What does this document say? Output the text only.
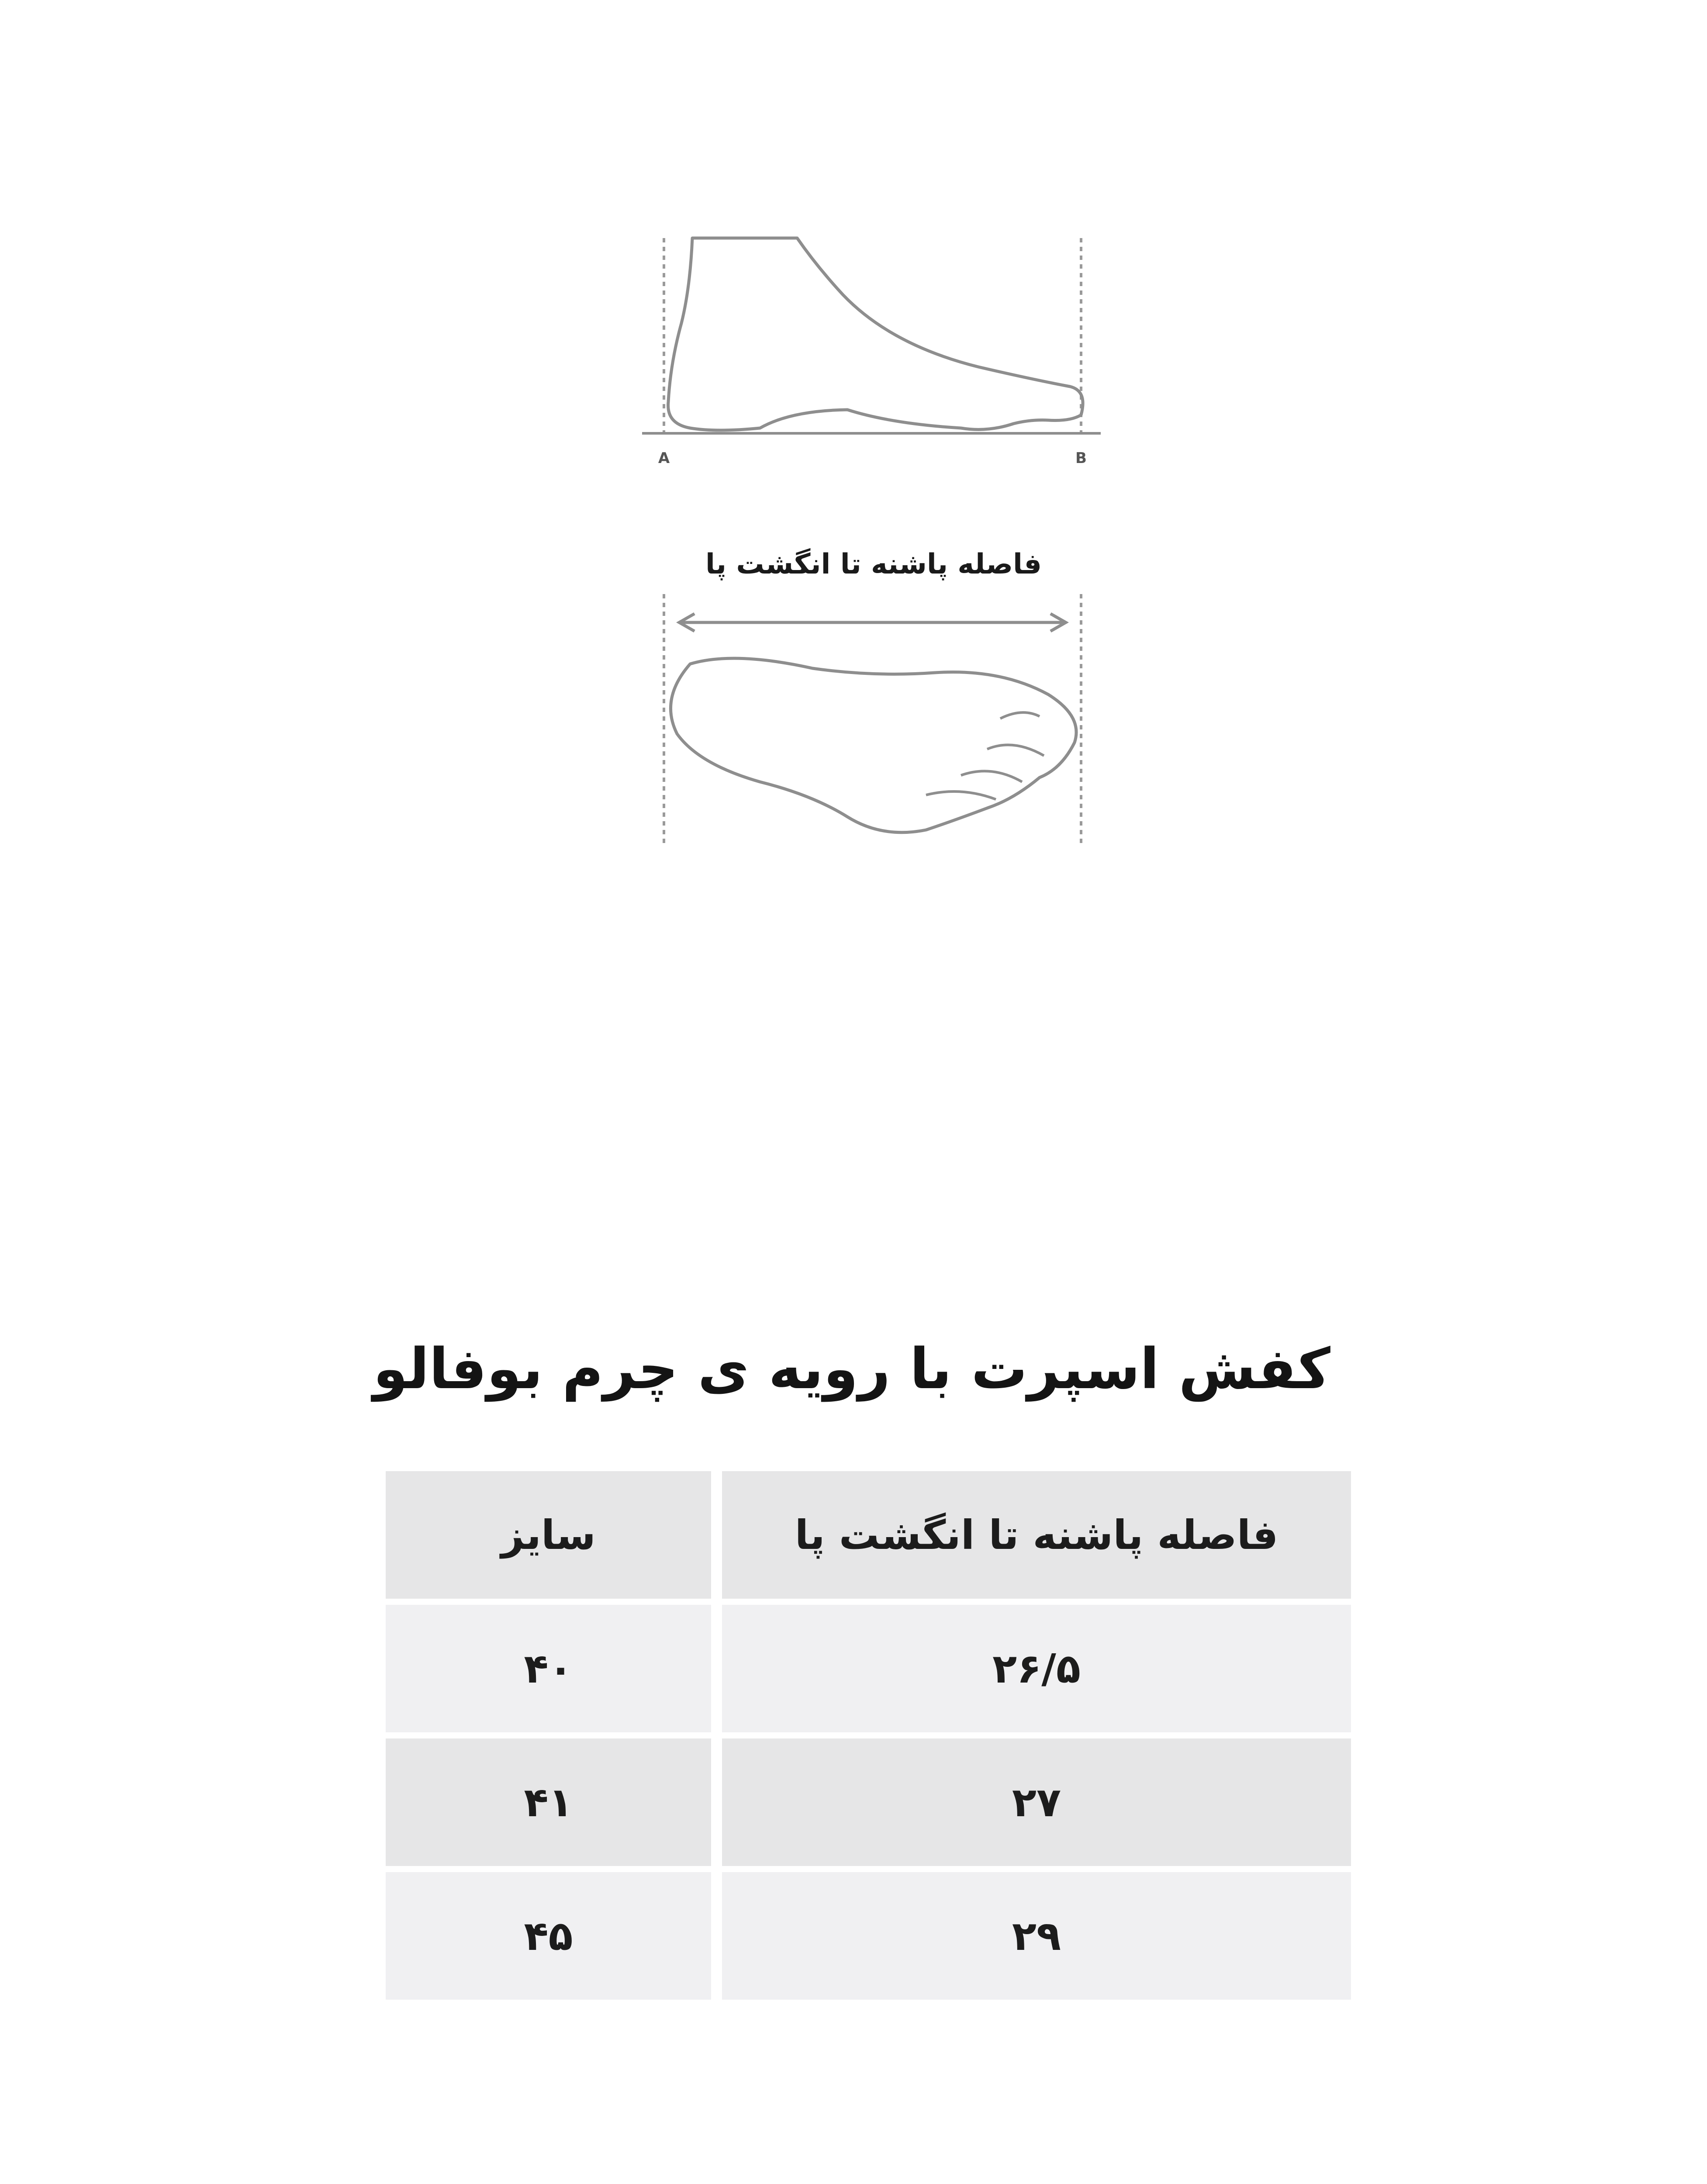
A	B
فاصله پاشنه تا انگشت پا
کفش اسپرت با رویه ی چرم بوفالو
فاصله پاشنه تا انگشت پا
سایز
۲۶/۵
۴۰
۲۷
۴۱
۲۹
۴۵
